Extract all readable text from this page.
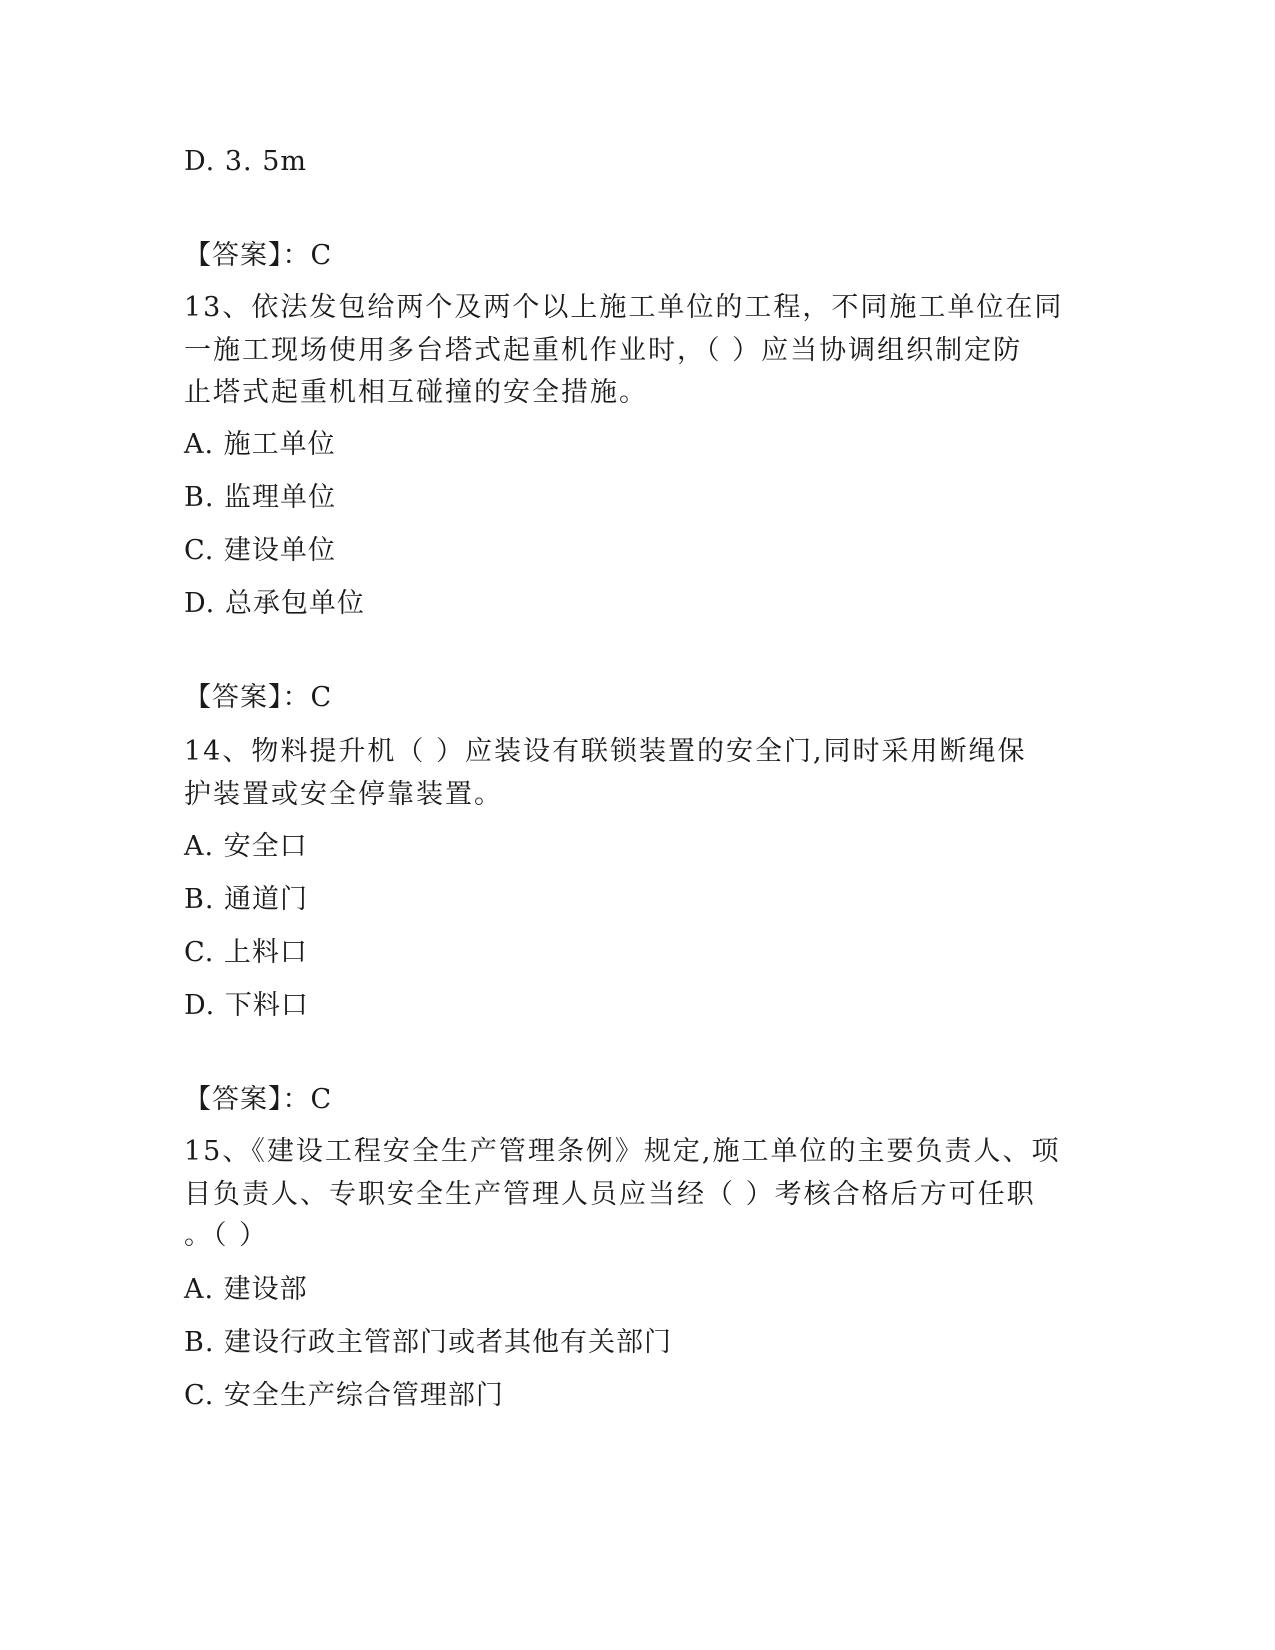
D. 3. 5m
【答案】：C
13、依法发包给两个及两个以上施工单位的工程，不同施工单位在同
一施工现场使用多台塔式起重机作业时，（ ）应当协调组织制定防
止塔式起重机相互碰撞的安全措施。
A. 施工单位
B. 监理单位
C. 建设单位
D. 总承包单位
【答案】：C
14、物料提升机（ ）应装设有联锁装置的安全门,同时采用断绳保
护装置或安全停靠装置。
A. 安全口
B. 通道门
C. 上料口
D. 下料口
【答案】：C
15、《建设工程安全生产管理条例》规定,施工单位的主要负责人、项
目负责人、专职安全生产管理人员应当经（ ）考核合格后方可任职
。（ ）
A. 建设部
B. 建设行政主管部门或者其他有关部门
C. 安全生产综合管理部门
